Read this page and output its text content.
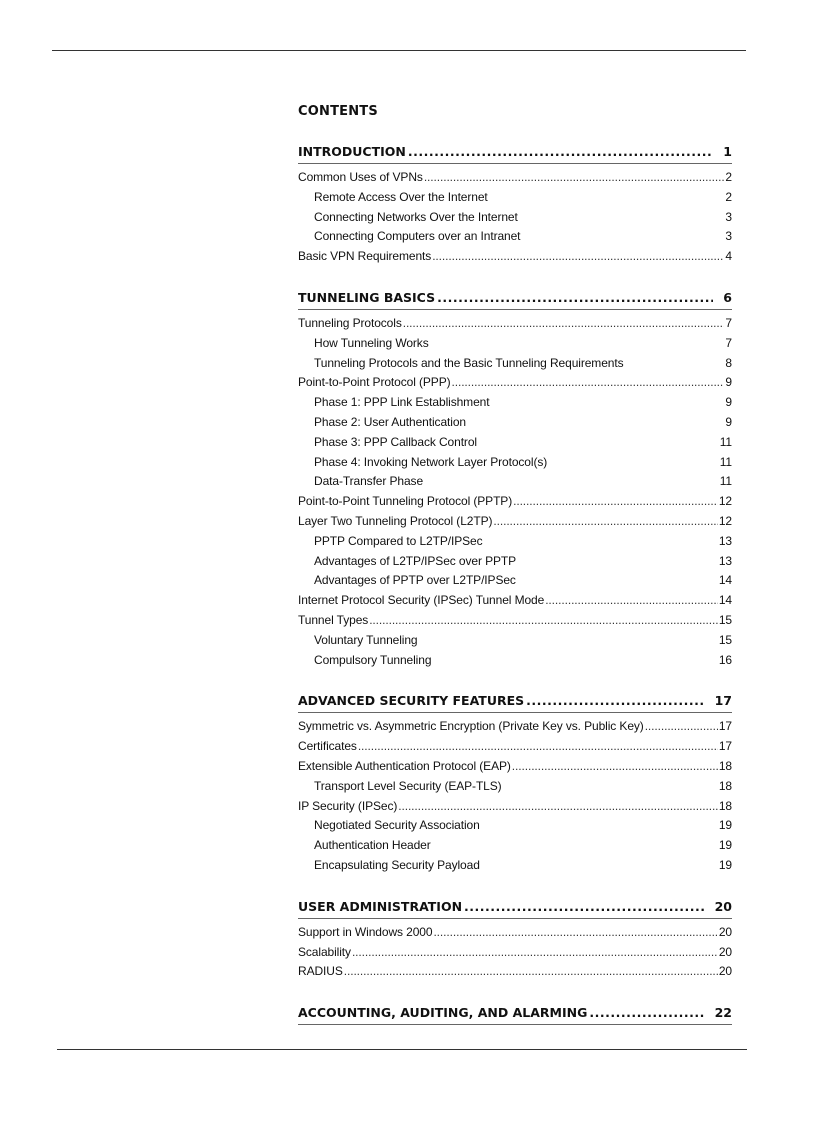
CONTENTS
INTRODUCTION .....	1
Common Uses of VPNs .....	2
Remote Access Over the Internet	2
Connecting Networks Over the Internet	3
Connecting Computers over an Intranet	3
Basic VPN Requirements .....	4
TUNNELING BASICS .....	6
Tunneling Protocols .....	7
How Tunneling Works	7
Tunneling Protocols and the Basic Tunneling Requirements	8
Point-to-Point Protocol (PPP) .....	9
Phase 1: PPP Link Establishment	9
Phase 2: User Authentication	9
Phase 3: PPP Callback Control	11
Phase 4: Invoking Network Layer Protocol(s)	11
Data-Transfer Phase	11
Point-to-Point Tunneling Protocol (PPTP) .....	12
Layer Two Tunneling Protocol (L2TP) .....	12
PPTP Compared to L2TP/IPSec	13
Advantages of L2TP/IPSec over PPTP	13
Advantages of PPTP over L2TP/IPSec	14
Internet Protocol Security (IPSec) Tunnel Mode .....	14
Tunnel Types .....	15
Voluntary Tunneling	15
Compulsory Tunneling	16
ADVANCED SECURITY FEATURES .....	17
Symmetric vs. Asymmetric Encryption (Private Key vs. Public Key) .....	17
Certificates .....	17
Extensible Authentication Protocol (EAP) .....	18
Transport Level Security (EAP-TLS)	18
IP Security (IPSec) .....	18
Negotiated Security Association	19
Authentication Header	19
Encapsulating Security Payload	19
USER ADMINISTRATION .....	20
Support in Windows 2000 .....	20
Scalability .....	20
RADIUS .....	20
ACCOUNTING, AUDITING, AND ALARMING .....	22
